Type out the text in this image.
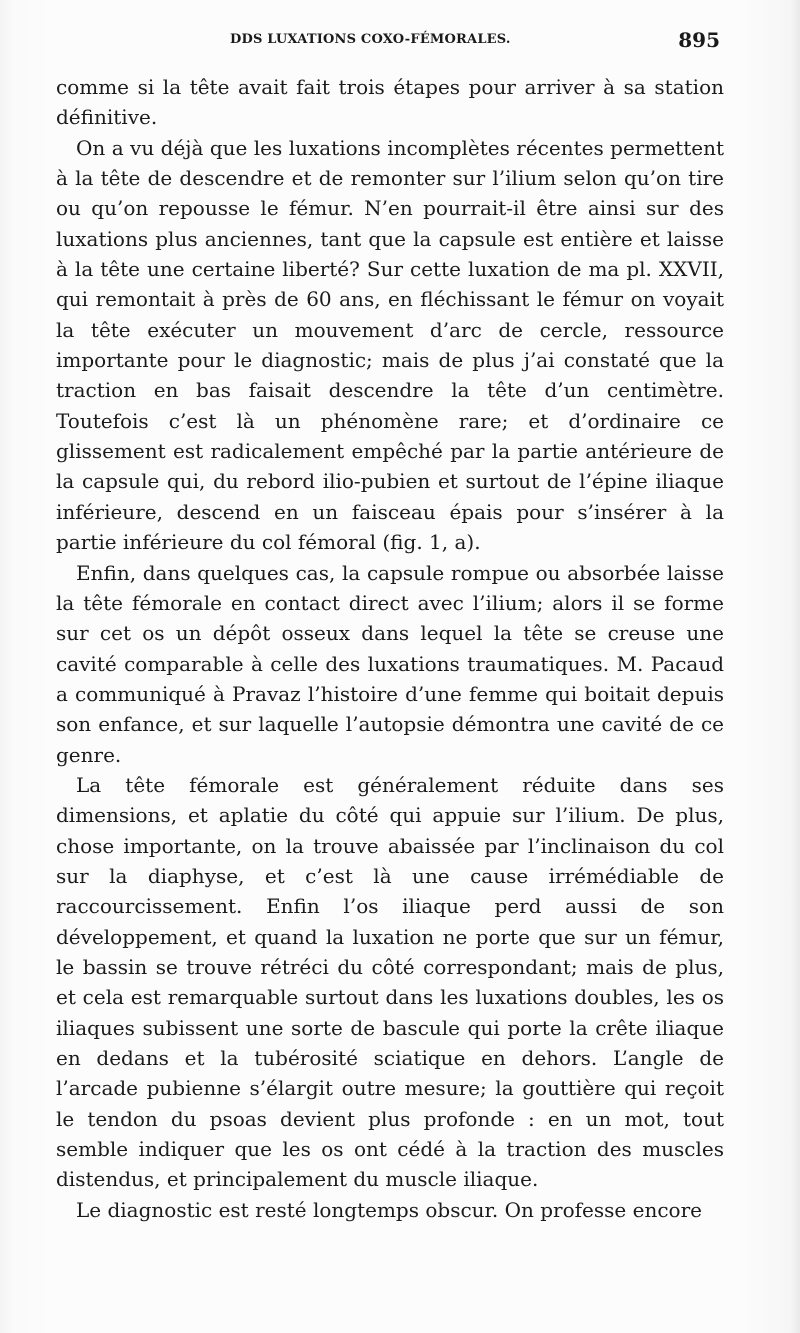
DDS LUXATIONS COXO-FÉMORALES.	895

comme si la tête avait fait trois étapes pour arriver à sa station définitive.

On a vu déjà que les luxations incomplètes récentes permettent à la tête de descendre et de remonter sur l’ilium selon qu’on tire ou qu’on repousse le fémur. N’en pourrait-il être ainsi sur des luxations plus anciennes, tant que la capsule est entière et laisse à la tête une certaine liberté? Sur cette luxation de ma pl. XXVII, qui remontait à près de 60 ans, en fléchissant le fémur on voyait la tête exécuter un mouvement d’arc de cercle, ressource importante pour le diagnostic; mais de plus j’ai constaté que la traction en bas faisait descendre la tête d’un centimètre. Toutefois c’est là un phénomène rare; et d’ordinaire ce glissement est radicalement empêché par la partie antérieure de la capsule qui, du rebord ilio-pubien et surtout de l’épine iliaque inférieure, descend en un faisceau épais pour s’insérer à la partie inférieure du col fémoral (fig. 1, a).

Enfin, dans quelques cas, la capsule rompue ou absorbée laisse la tête fémorale en contact direct avec l’ilium; alors il se forme sur cet os un dépôt osseux dans lequel la tête se creuse une cavité comparable à celle des luxations traumatiques. M. Pacaud a communiqué à Pravaz l’histoire d’une femme qui boitait depuis son enfance, et sur laquelle l’autopsie démontra une cavité de ce genre.

La tête fémorale est généralement réduite dans ses dimensions, et aplatie du côté qui appuie sur l’ilium. De plus, chose importante, on la trouve abaissée par l’inclinaison du col sur la diaphyse, et c’est là une cause irrémédiable de raccourcissement. Enfin l’os iliaque perd aussi de son développement, et quand la luxation ne porte que sur un fémur, le bassin se trouve rétréci du côté correspondant; mais de plus, et cela est remarquable surtout dans les luxations doubles, les os iliaques subissent une sorte de bascule qui porte la crête iliaque en dedans et la tubérosité sciatique en dehors. L’angle de l’arcade pubienne s’élargit outre mesure; la gouttière qui reçoit le tendon du psoas devient plus profonde : en un mot, tout semble indiquer que les os ont cédé à la traction des muscles distendus, et principalement du muscle iliaque.

Le diagnostic est resté longtemps obscur. On professe encore
